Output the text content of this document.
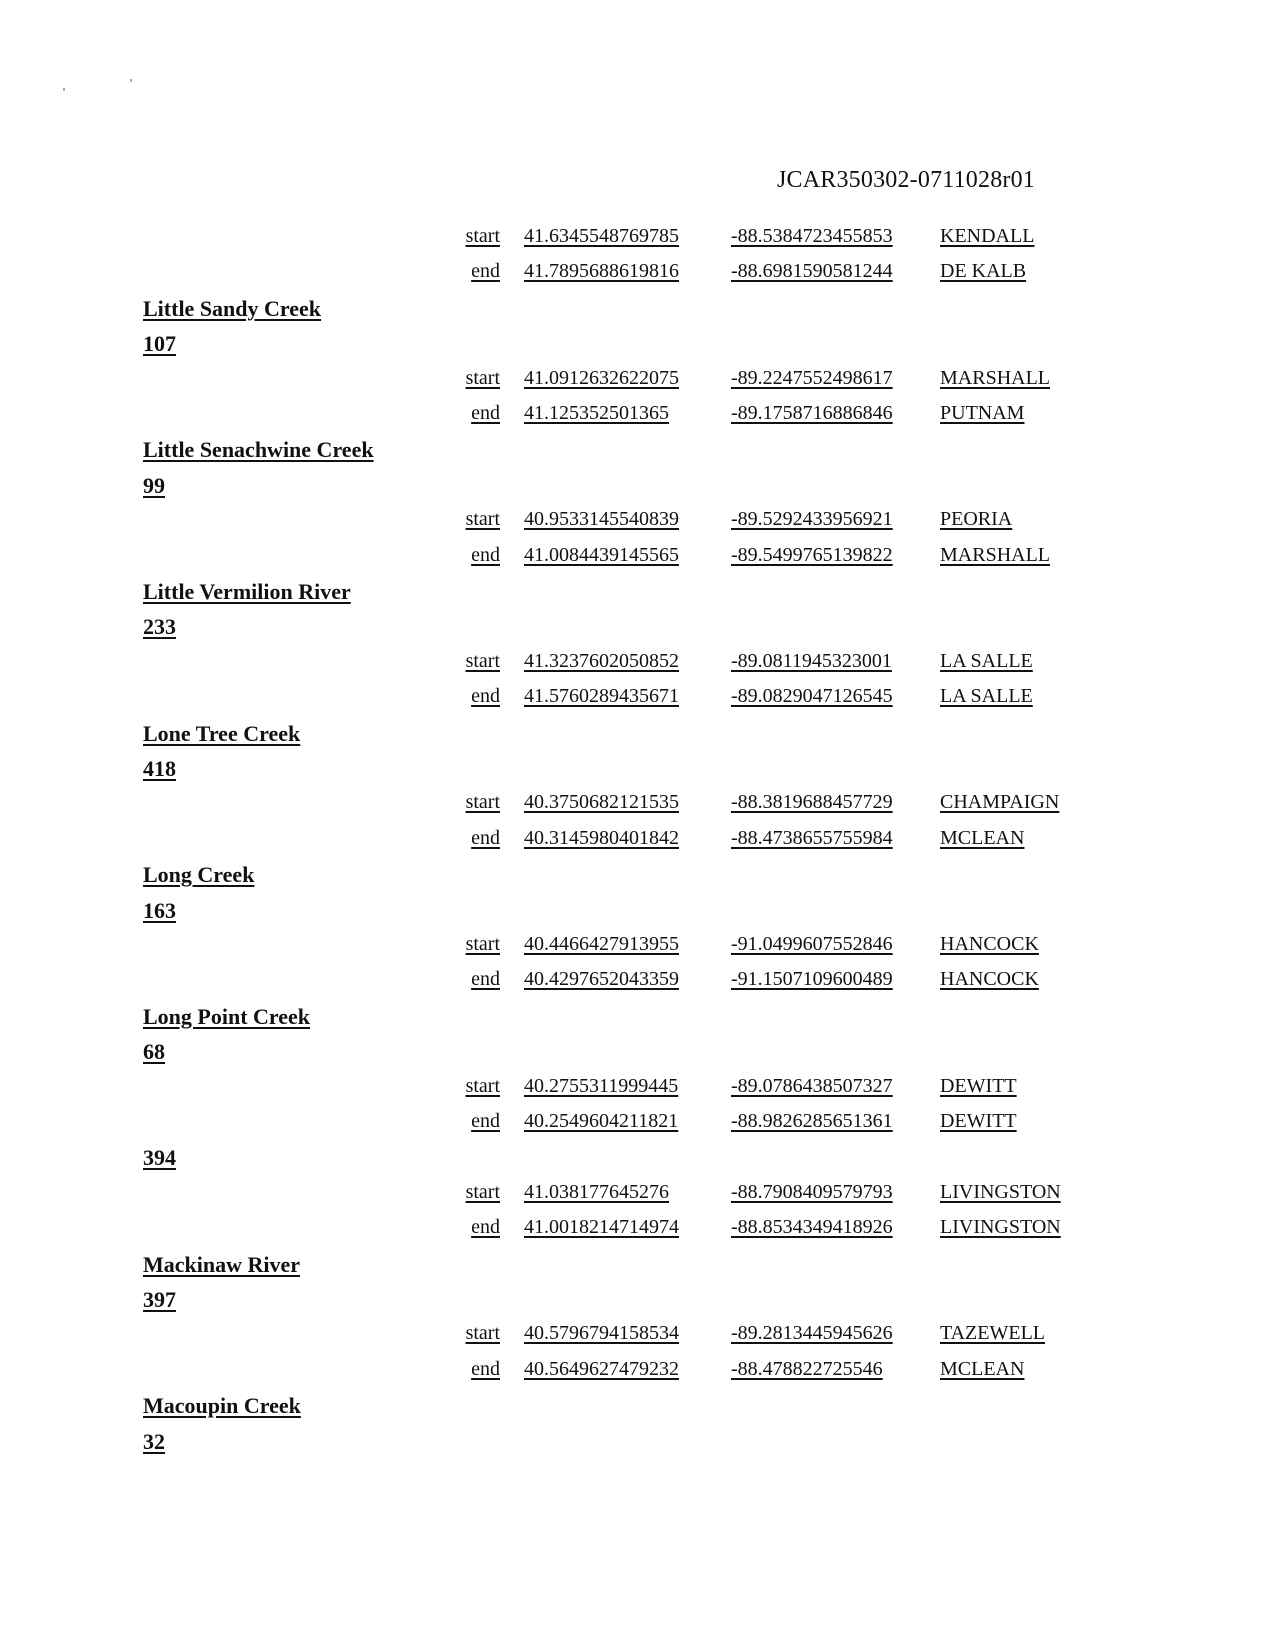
JCAR350302-0711028r01
start 41.6345548769785	-88.5384723455853 KENDALL
end 41.7895688619816	-88.6981590581244 DE KALB
Little Sandy Creek
107
start 41.0912632622075	-89.2247552498617 MARSHALL
end 41.125352501365	-89.1758716886846 PUTNAM
Little Senachwine Creek
99
start 40.9533145540839	-89.5292433956921 PEORIA
end 41.0084439145565	-89.5499765139822 MARSHALL
Little Vermilion River
233
start 41.3237602050852	-89.0811945323001 LA SALLE
end 41.5760289435671	-89.0829047126545 LA SALLE
Lone Tree Creek
418
start 40.3750682121535	-88.3819688457729 CHAMPAIGN
end 40.3145980401842	-88.4738655755984 MCLEAN
Long Creek
163
start 40.4466427913955	-91.0499607552846 HANCOCK
end 40.4297652043359	-91.1507109600489 HANCOCK
Long Point Creek
68
start 40.2755311999445	-89.0786438507327 DEWITT
end 40.2549604211821	-88.9826285651361 DEWITT
394
start 41.038177645276	-88.7908409579793 LIVINGSTON
end 41.0018214714974	-88.8534349418926 LIVINGSTON
Mackinaw River
397
start 40.5796794158534	-89.2813445945626 TAZEWELL
end 40.5649627479232	-88.478822725546	MCLEAN
Macoupin Creek
32
